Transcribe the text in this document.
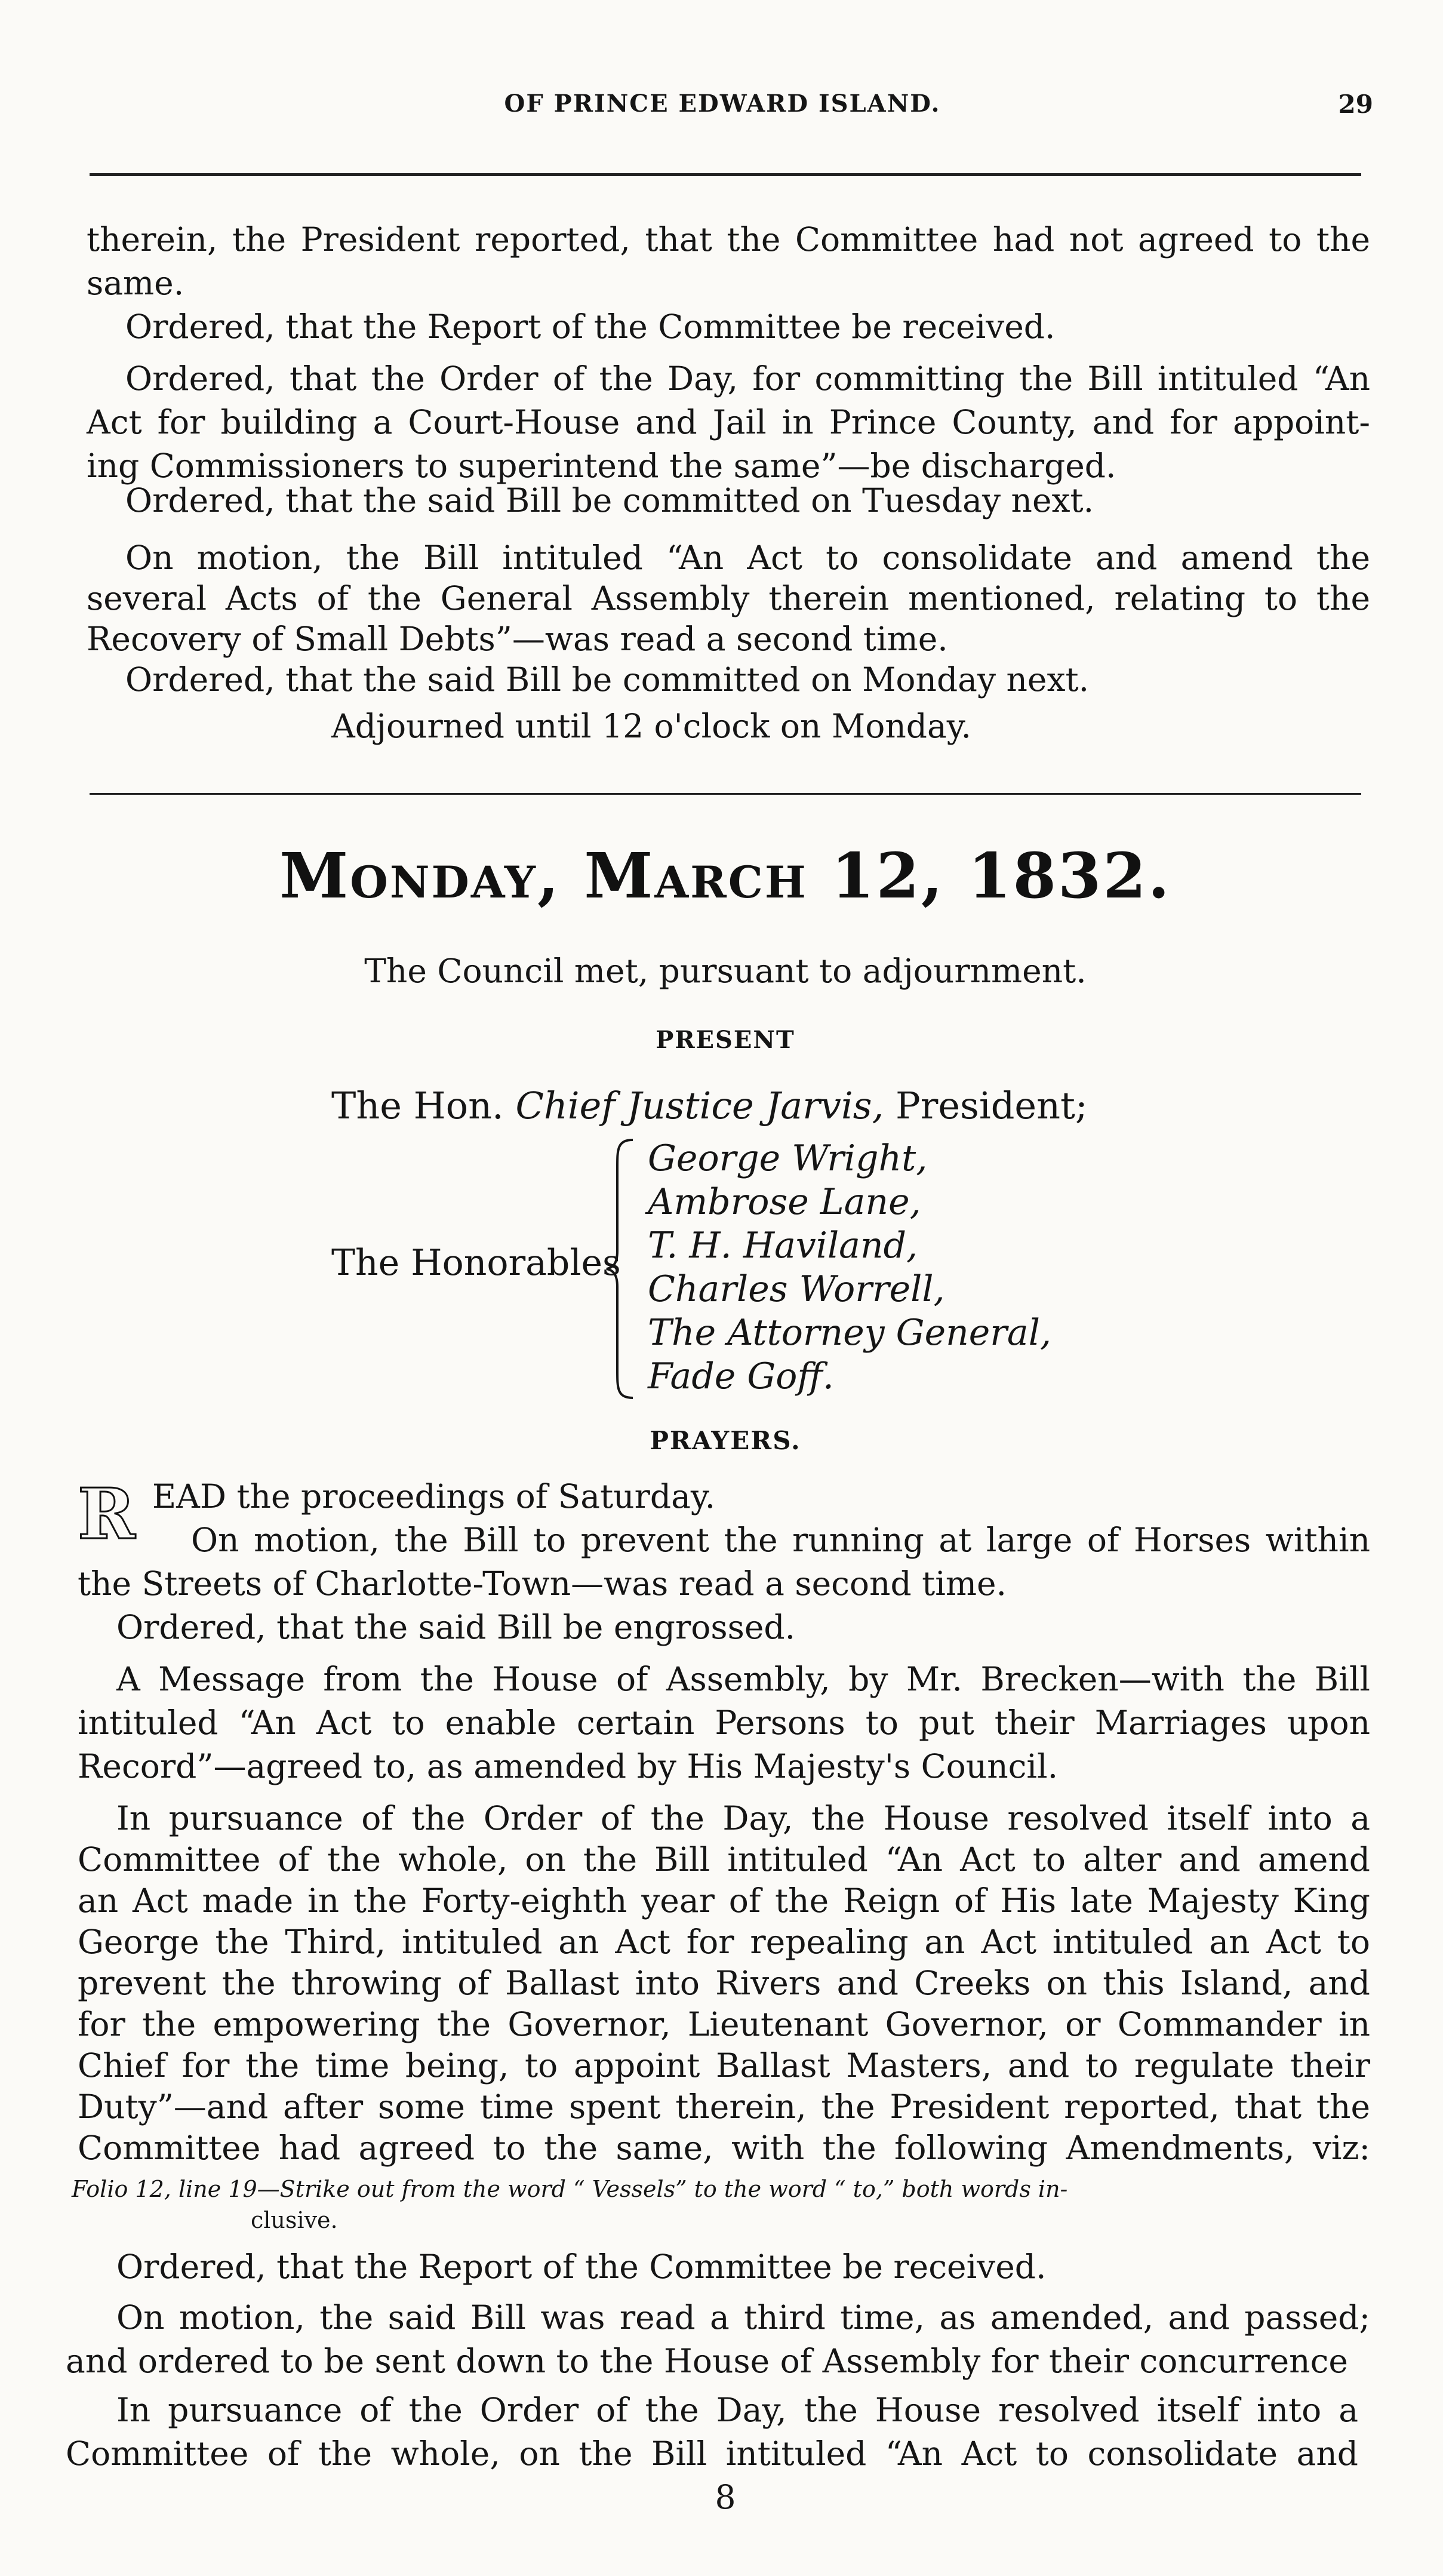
OF PRINCE EDWARD ISLAND.	29
therein, the President reported, that the Committee had not agreed to the
same.
Ordered, that the Report of the Committee be received.
Ordered, that the Order of the Day, for committing the Bill intituled “An
Act for building a Court-House and Jail in Prince County, and for appoint-
ing Commissioners to superintend the same”—be discharged.
Ordered, that the said Bill be committed on Tuesday next.
On motion, the Bill intituled “An Act to consolidate and amend the
several Acts of the General Assembly therein mentioned, relating to the
Recovery of Small Debts”—was read a second time.
Ordered, that the said Bill be committed on Monday next.
Adjourned until 12 o'clock on Monday.
Monday, March 12, 1832.
The Council met, pursuant to adjournment.
PRESENT
The Hon. Chief Justice Jarvis, President;
The Honorables
George Wright,
Ambrose Lane,
T. H. Haviland,
Charles Worrell,
The Attorney General,
Fade Goff.
PRAYERS.
R EAD the proceedings of Saturday.
On motion, the Bill to prevent the running at large of Horses within
the Streets of Charlotte-Town—was read a second time.
Ordered, that the said Bill be engrossed.
A Message from the House of Assembly, by Mr. Brecken—with the Bill
intituled “An Act to enable certain Persons to put their Marriages upon
Record”—agreed to, as amended by His Majesty's Council.
In pursuance of the Order of the Day, the House resolved itself into a
Committee of the whole, on the Bill intituled “An Act to alter and amend
an Act made in the Forty-eighth year of the Reign of His late Majesty King
George the Third, intituled an Act for repealing an Act intituled an Act to
prevent the throwing of Ballast into Rivers and Creeks on this Island, and
for the empowering the Governor, Lieutenant Governor, or Commander in
Chief for the time being, to appoint Ballast Masters, and to regulate their
Duty”—and after some time spent therein, the President reported, that the
Committee had agreed to the same, with the following Amendments, viz:
Folio 12, line 19—Strike out from the word “ Vessels” to the word “ to,” both words in-
clusive.
Ordered, that the Report of the Committee be received.
On motion, the said Bill was read a third time, as amended, and passed;
and ordered to be sent down to the House of Assembly for their concurrence
In pursuance of the Order of the Day, the House resolved itself into a
Committee of the whole, on the Bill intituled “An Act to consolidate and
8
